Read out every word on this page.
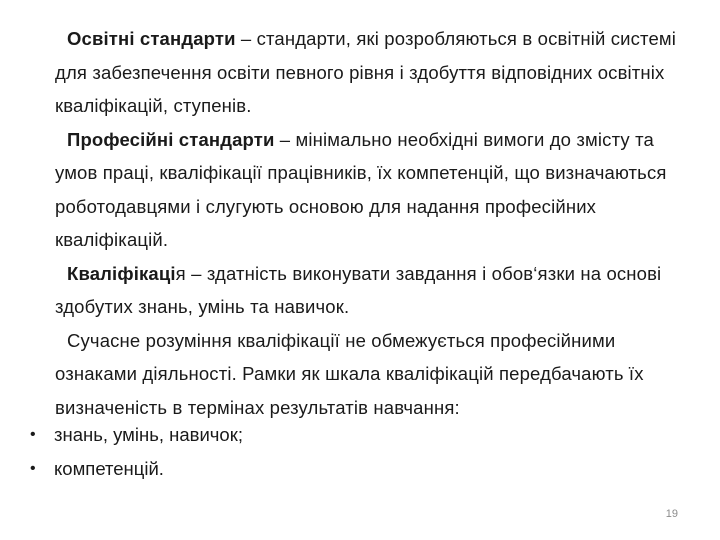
Освітні стандарти – стандарти, які розробляються в освітній системі для забезпечення освіти певного рівня і здобуття відповідних освітніх кваліфікацій, ступенів.

Професійні стандарти – мінімально необхідні вимоги до змісту та умов праці, кваліфікації працівників, їх компетенцій, що визначаються роботодавцями і слугують основою для надання професійних кваліфікацій.

Кваліфікація – здатність виконувати завдання і обов‘язки на основі здобутих знань, умінь та навичок.

Сучасне розуміння кваліфікації не обмежується професійними ознаками діяльності. Рамки як шкала кваліфікацій передбачають їх визначеність в термінах результатів навчання:

• знань, умінь, навичок;
• компетенцій.
19
